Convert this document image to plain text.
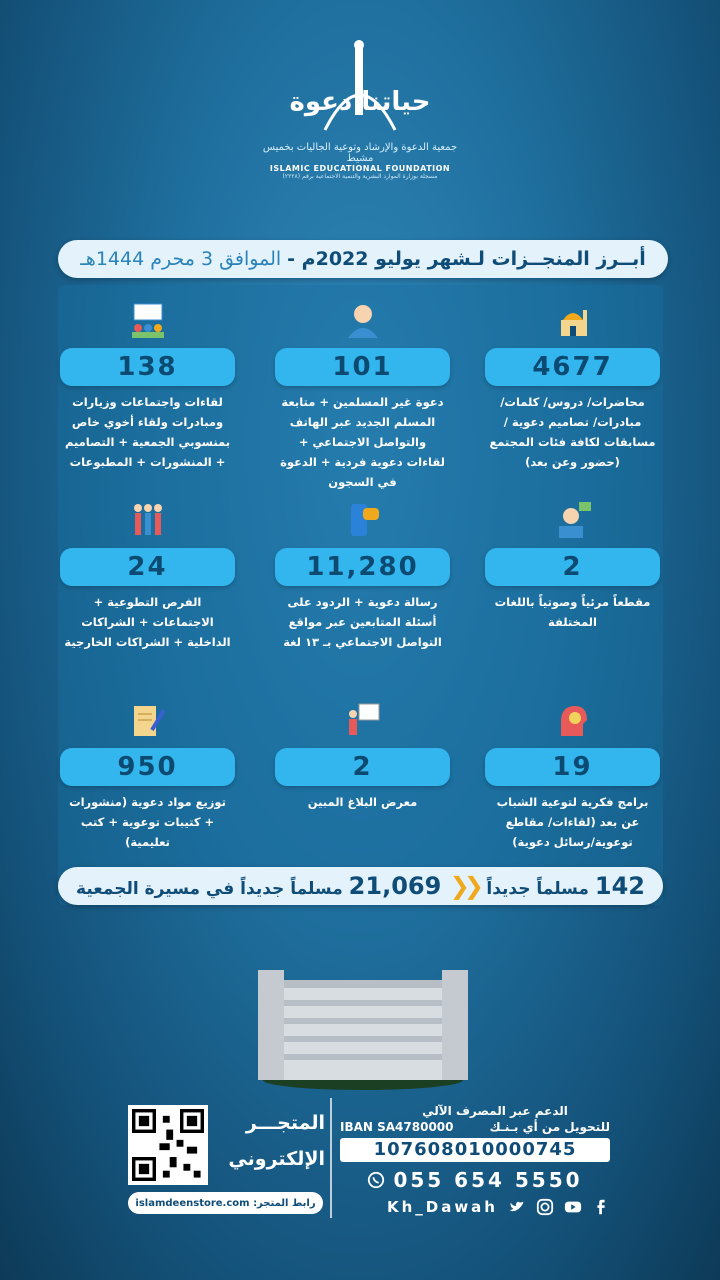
حياتنا دعوة
جمعية الدعوة والإرشاد وتوعية الجاليات بخميس مشيط
ISLAMIC EDUCATIONAL FOUNDATION
مسجلة بوزارة الموارد البشرية والتنمية الاجتماعية برقم (٢٢٢٨)
أبــرز المنجــزات لـشهر يوليو 2022م -
الموافق 3 محرم 1444هـ
4677
محاضرات/ دروس/ كلمات/ مبادرات/ تصاميم دعوية / مسابقات لكافة فئات المجتمع (حضور وعن بعد)
101
دعوة غير المسلمين + متابعة المسلم الجديد عبر الهاتف والتواصل الاجتماعي + لقاءات دعوية فردية + الدعوة في السجون
138
لقاءات واجتماعات وزيارات ومبادرات ولقاء أخوي خاص بمنسوبي الجمعية + التصاميم + المنشورات + المطبوعات
2
مقطعاً مرئياً وصوتياً باللغات المختلفة
11,280
رسالة دعوية + الردود على أسئلة المتابعين عبر مواقع التواصل الاجتماعي بـ ١٣ لغة
24
الفرص التطوعية + الاجتماعات + الشراكات الداخلية + الشراكات الخارجية
19
برامج فكرية لتوعية الشباب عن بعد (لقاءات/ مقاطع توعوية/رسائل دعوية)
2
معرض البلاغ المبين
950
توزيع مواد دعوية (منشورات + كتيبات توعوية + كتب تعليمية)
142 مسلماً جديداً
❮❮
21,069 مسلماً جديداً في مسيرة الجمعية
المتجـــر
الإلكتروني
رابط المتجر:

islamdeenstore.com
الدعم عبر المصرف الآلي
للتحويل من أي بـنـك
IBAN SA4780000
107608010000745
055 654 5550
Kh_Dawah
